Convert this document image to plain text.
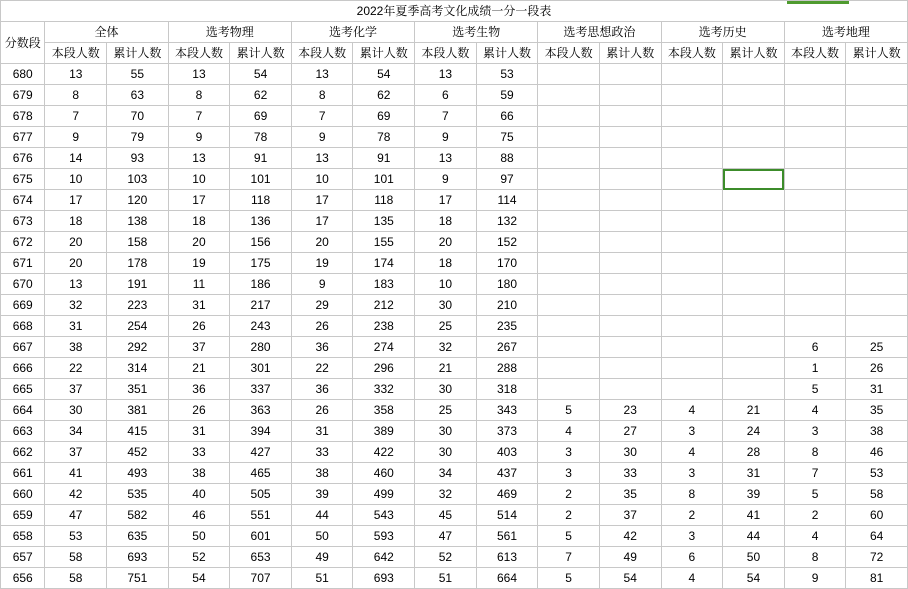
2022年夏季高考文化成绩一分一段表														

分数段	全体		选考物理		选考化学		选考生物		选考思想政治		选考历史		选考地理	
	本段人数	累计人数	本段人数	累计人数	本段人数	累计人数	本段人数	累计人数	本段人数	累计人数	本段人数	累计人数	本段人数	累计人数
680	13	55	13	54	13	54	13	53						
679	8	63	8	62	8	62	6	59						
678	7	70	7	69	7	69	7	66						
677	9	79	9	78	9	78	9	75						
676	14	93	13	91	13	91	13	88						
675	10	103	10	101	10	101	9	97						
674	17	120	17	118	17	118	17	114						
673	18	138	18	136	17	135	18	132						
672	20	158	20	156	20	155	20	152						
671	20	178	19	175	19	174	18	170						
670	13	191	11	186	9	183	10	180						
669	32	223	31	217	29	212	30	210						
668	31	254	26	243	26	238	25	235						
667	38	292	37	280	36	274	32	267					6	25
666	22	314	21	301	22	296	21	288					1	26
665	37	351	36	337	36	332	30	318					5	31
664	30	381	26	363	26	358	25	343	5	23	4	21	4	35
663	34	415	31	394	31	389	30	373	4	27	3	24	3	38
662	37	452	33	427	33	422	30	403	3	30	4	28	8	46
661	41	493	38	465	38	460	34	437	3	33	3	31	7	53
660	42	535	40	505	39	499	32	469	2	35	8	39	5	58
659	47	582	46	551	44	543	45	514	2	37	2	41	2	60
658	53	635	50	601	50	593	47	561	5	42	3	44	4	64
657	58	693	52	653	49	642	52	613	7	49	6	50	8	72
656	58	751	54	707	51	693	51	664	5	54	4	54	9	81
